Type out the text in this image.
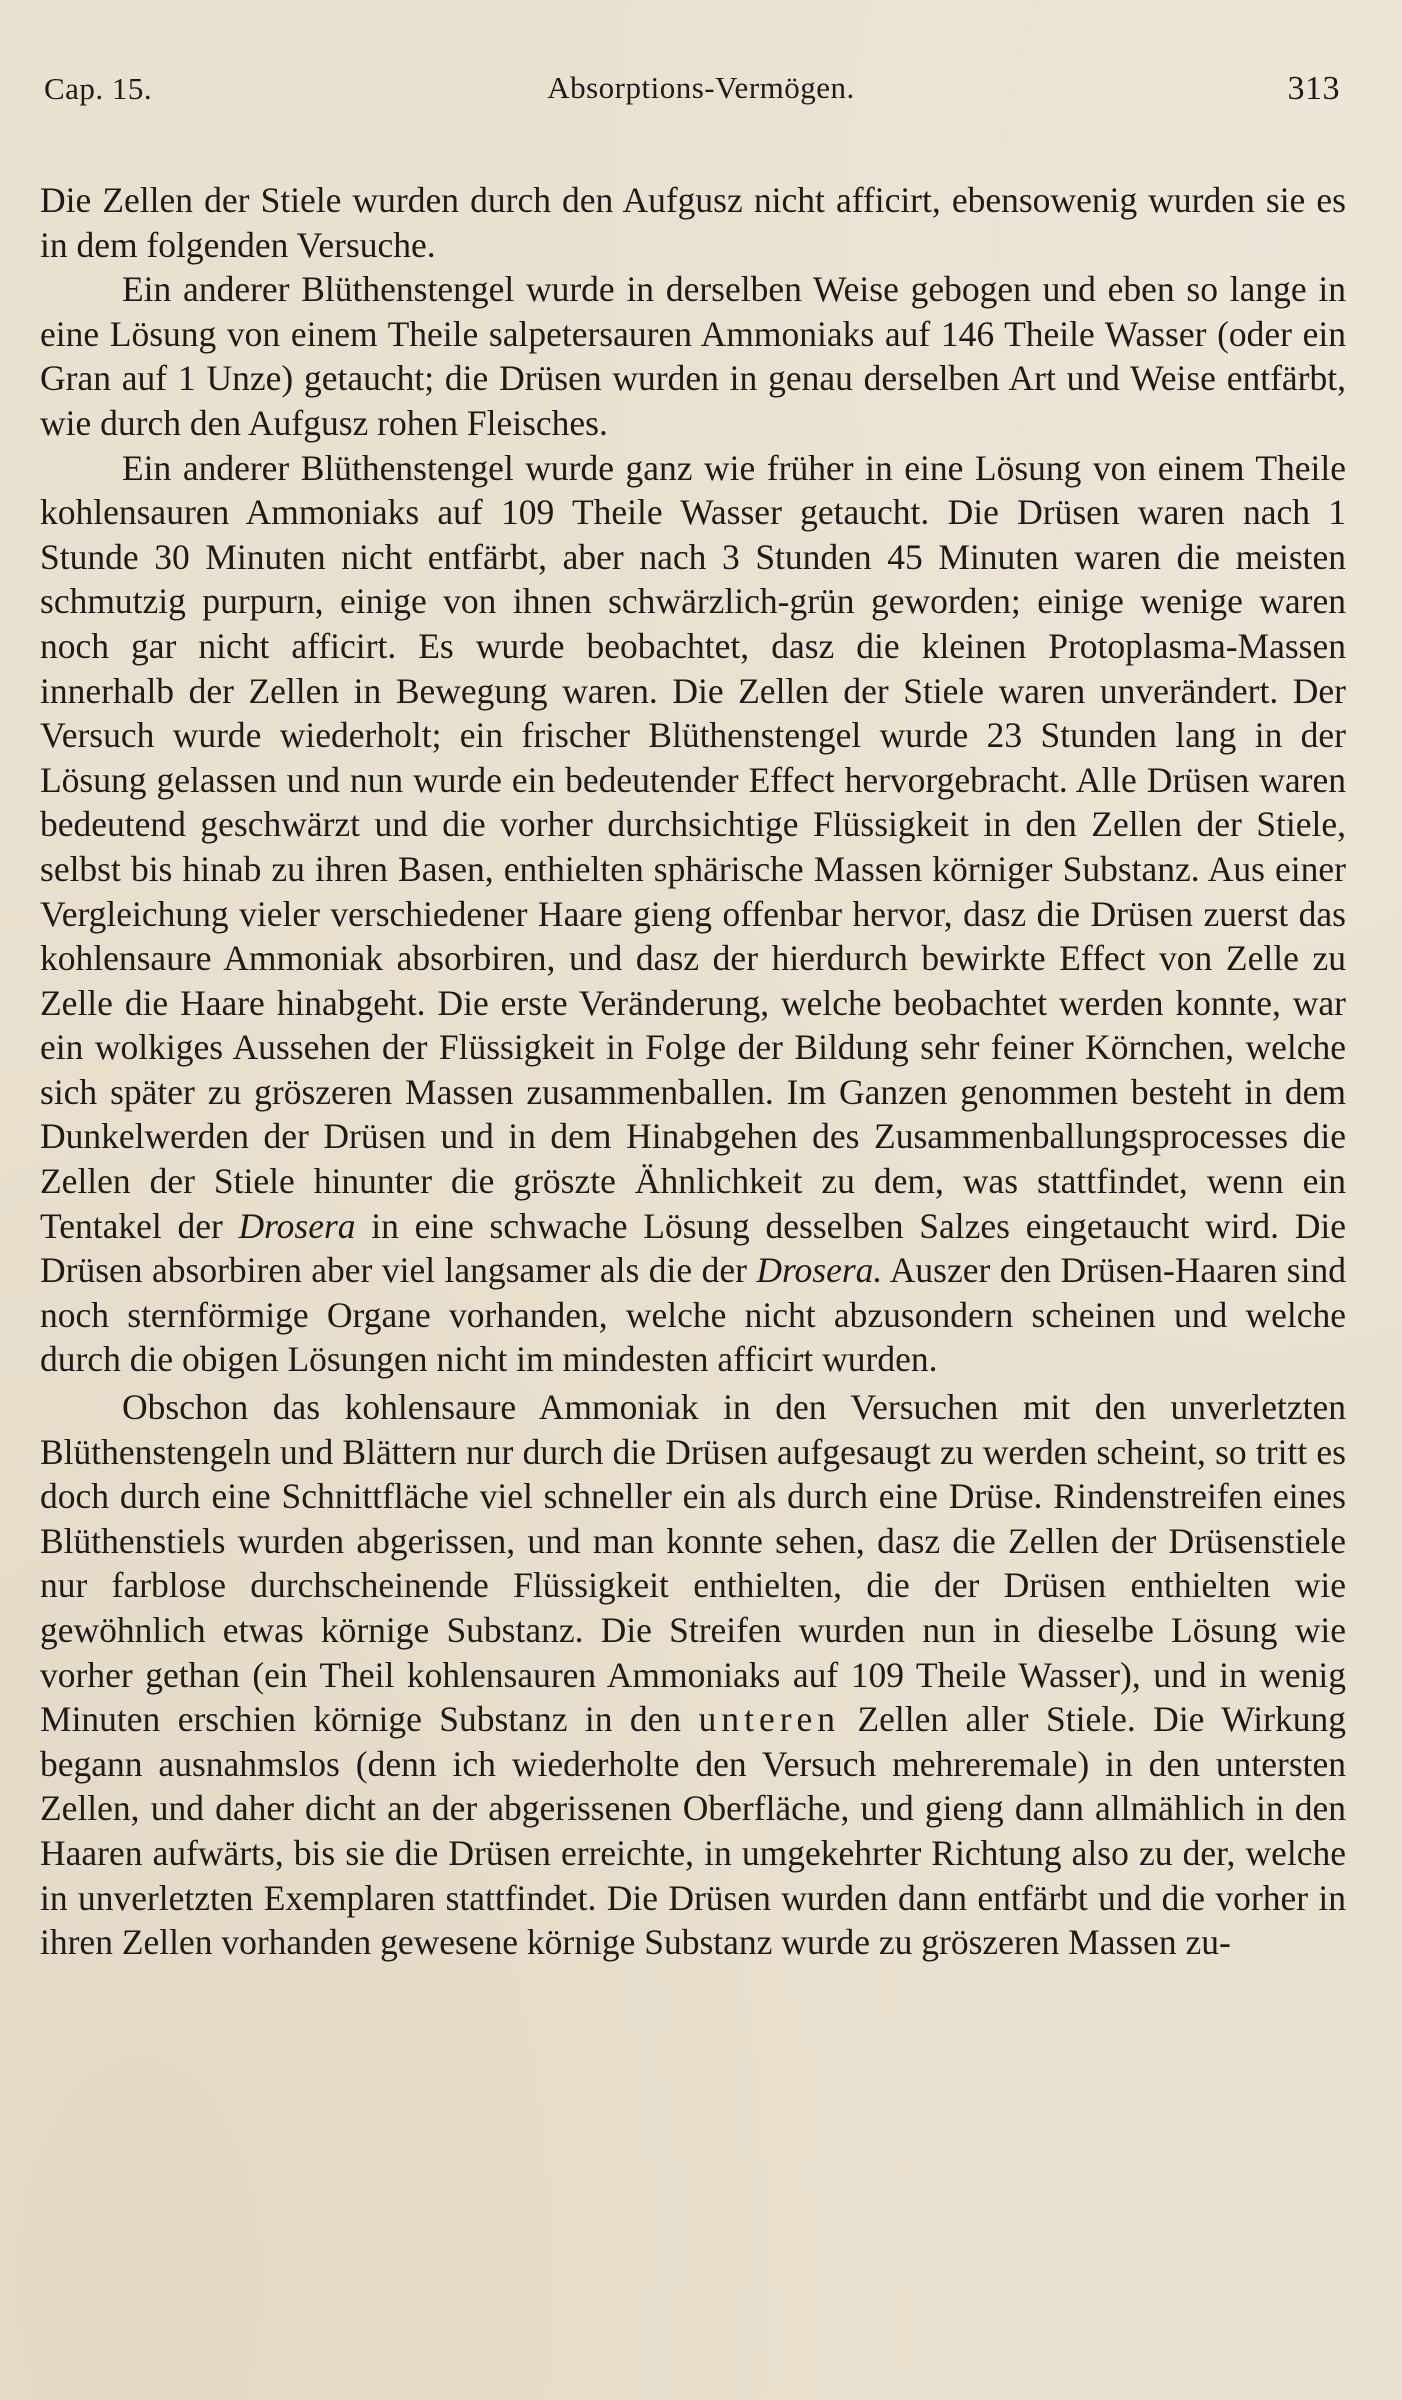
Cap. 15.	Absorptions-Vermögen.	313

Die Zellen der Stiele wurden durch den Aufgusz nicht afficirt, ebensowenig wurden sie es in dem folgenden Versuche.

Ein anderer Blüthenstengel wurde in derselben Weise gebogen und eben so lange in eine Lösung von einem Theile salpetersauren Ammoniaks auf 146 Theile Wasser (oder ein Gran auf 1 Unze) getaucht; die Drüsen wurden in genau derselben Art und Weise entfärbt, wie durch den Aufgusz rohen Fleisches.

Ein anderer Blüthenstengel wurde ganz wie früher in eine Lösung von einem Theile kohlensauren Ammoniaks auf 109 Theile Wasser getaucht. Die Drüsen waren nach 1 Stunde 30 Minuten nicht entfärbt, aber nach 3 Stunden 45 Minuten waren die meisten schmutzig purpurn, einige von ihnen schwärzlich-grün geworden; einige wenige waren noch gar nicht afficirt. Es wurde beobachtet, dasz die kleinen Protoplasma-Massen innerhalb der Zellen in Bewegung waren. Die Zellen der Stiele waren unverändert. Der Versuch wurde wiederholt; ein frischer Blüthenstengel wurde 23 Stunden lang in der Lösung gelassen und nun wurde ein bedeutender Effect hervorgebracht. Alle Drüsen waren bedeutend geschwärzt und die vorher durchsichtige Flüssigkeit in den Zellen der Stiele, selbst bis hinab zu ihren Basen, enthielten sphärische Massen körniger Substanz. Aus einer Vergleichung vieler verschiedener Haare gieng offenbar hervor, dasz die Drüsen zuerst das kohlensaure Ammoniak absorbiren, und dasz der hierdurch bewirkte Effect von Zelle zu Zelle die Haare hinabgeht. Die erste Veränderung, welche beobachtet werden konnte, war ein wolkiges Aussehen der Flüssigkeit in Folge der Bildung sehr feiner Körnchen, welche sich später zu gröszeren Massen zusammenballen. Im Ganzen genommen besteht in dem Dunkelwerden der Drüsen und in dem Hinabgehen des Zusammenballungsprocesses die Zellen der Stiele hinunter die gröszte Ähnlichkeit zu dem, was stattfindet, wenn ein Tentakel der Drosera in eine schwache Lösung desselben Salzes eingetaucht wird. Die Drüsen absorbiren aber viel langsamer als die der Drosera. Auszer den Drüsen-Haaren sind noch sternförmige Organe vorhanden, welche nicht abzusondern scheinen und welche durch die obigen Lösungen nicht im mindesten afficirt wurden.

Obschon das kohlensaure Ammoniak in den Versuchen mit den unverletzten Blüthenstengeln und Blättern nur durch die Drüsen aufgesaugt zu werden scheint, so tritt es doch durch eine Schnittfläche viel schneller ein als durch eine Drüse. Rindenstreifen eines Blüthenstiels wurden abgerissen, und man konnte sehen, dasz die Zellen der Drüsenstiele nur farblose durchscheinende Flüssigkeit enthielten, die der Drüsen enthielten wie gewöhnlich etwas körnige Substanz. Die Streifen wurden nun in dieselbe Lösung wie vorher gethan (ein Theil kohlensauren Ammoniaks auf 109 Theile Wasser), und in wenig Minuten erschien körnige Substanz in den unteren Zellen aller Stiele. Die Wirkung begann ausnahmslos (denn ich wiederholte den Versuch mehreremale) in den untersten Zellen, und daher dicht an der abgerissenen Oberfläche, und gieng dann allmählich in den Haaren aufwärts, bis sie die Drüsen erreichte, in umgekehrter Richtung also zu der, welche in unverletzten Exemplaren stattfindet. Die Drüsen wurden dann entfärbt und die vorher in ihren Zellen vorhanden gewesene körnige Substanz wurde zu gröszeren Massen zu-
